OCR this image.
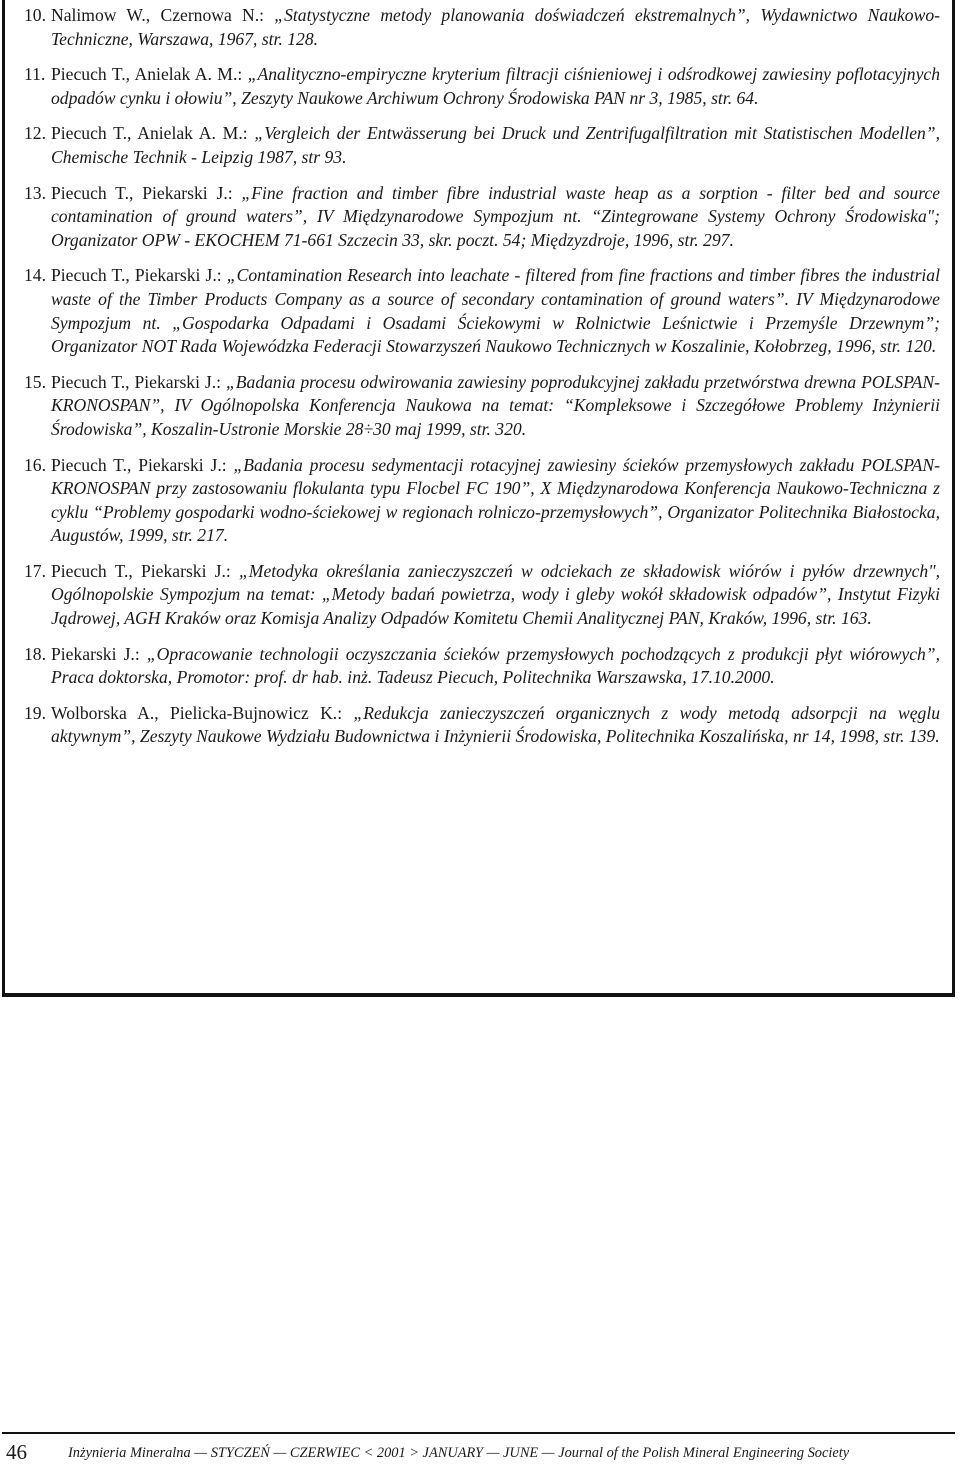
10. Nalimow W., Czernowa N.: „Statystyczne metody planowania doświadczeń ekstremalnych”, Wydawnictwo Naukowo-Techniczne, Warszawa, 1967, str. 128.
11. Piecuch T., Anielak A. M.: „Analityczno-empiryczne kryterium filtracji ciśnieniowej i odśrodkowej zawiesiny poflotacyjnych odpadów cynku i ołowiu”, Zeszyty Naukowe Archiwum Ochrony Środowiska PAN nr 3, 1985, str. 64.
12. Piecuch T., Anielak A. M.: „Vergleich der Entwässerung bei Druck und Zentrifugalfiltration mit Statistischen Modellen”, Chemische Technik - Leipzig 1987, str 93.
13. Piecuch T., Piekarski J.: „Fine fraction and timber fibre industrial waste heap as a sorption - filter bed and source contamination of ground waters”, IV Międzynarodowe Sympozjum nt. “Zintegrowane Systemy Ochrony Środowiska"; Organizator OPW - EKOCHEM 71-661 Szczecin 33, skr. poczt. 54; Międzyzdroje, 1996, str. 297.
14. Piecuch T., Piekarski J.: „Contamination Research into leachate - filtered from fine fractions and timber fibres the industrial waste of the Timber Products Company as a source of secondary contamination of ground waters”. IV Międzynarodowe Sympozjum nt. „Gospodarka Odpadami i Osadami Ściekowymi w Rolnictwie Leśnictwie i Przemyśle Drzewnym”; Organizator NOT Rada Wojewódzka Federacji Stowarzyszeń Naukowo Technicznych w Koszalinie, Kołobrzeg, 1996, str. 120.
15. Piecuch T., Piekarski J.: „Badania procesu odwirowania zawiesiny poprodukcyjnej zakładu przetwórstwa drewna POLSPAN-KRONOSPAN”, IV Ogólnopolska Konferencja Naukowa na temat: “Kompleksowe i Szczegółowe Problemy Inżynierii Środowiska”, Koszalin-Ustronie Morskie 28÷30 maj 1999, str. 320.
16. Piecuch T., Piekarski J.: „Badania procesu sedymentacji rotacyjnej zawiesiny ścieków przemysłowych zakładu POLSPAN-KRONOSPAN przy zastosowaniu flokulanta typu Flocbel FC 190”, X Międzynarodowa Konferencja Naukowo-Techniczna z cyklu “Problemy gospodarki wodno-ściekowej w regionach rolniczo-przemysłowych”, Organizator Politechnika Białostocka, Augustów, 1999, str. 217.
17. Piecuch T., Piekarski J.: „Metodyka określania zanieczyszczeń w odciekach ze składowisk wiórów i pyłów drzewnych", Ogólnopolskie Sympozjum na temat: „Metody badań powietrza, wody i gleby wokół składowisk odpadów”, Instytut Fizyki Jądrowej, AGH Kraków oraz Komisja Analizy Odpadów Komitetu Chemii Analitycznej PAN, Kraków, 1996, str. 163.
18. Piekarski J.: „Opracowanie technologii oczyszczania ścieków przemysłowych pochodzących z produkcji płyt wiórowych”, Praca doktorska, Promotor: prof. dr hab. inż. Tadeusz Piecuch, Politechnika Warszawska, 17.10.2000.
19. Wolborska A., Pielicka-Bujnowicz K.: „Redukcja zanieczyszczeń organicznych z wody metodą adsorpcji na węglu aktywnym”, Zeszyty Naukowe Wydziału Budownictwa i Inżynierii Środowiska, Politechnika Koszalińska, nr 14, 1998, str. 139.
46	Inżynieria Mineralna — STYCZEŃ — CZERWIEC < 2001 > JANUARY — JUNE — Journal of the Polish Mineral Engineering Society
